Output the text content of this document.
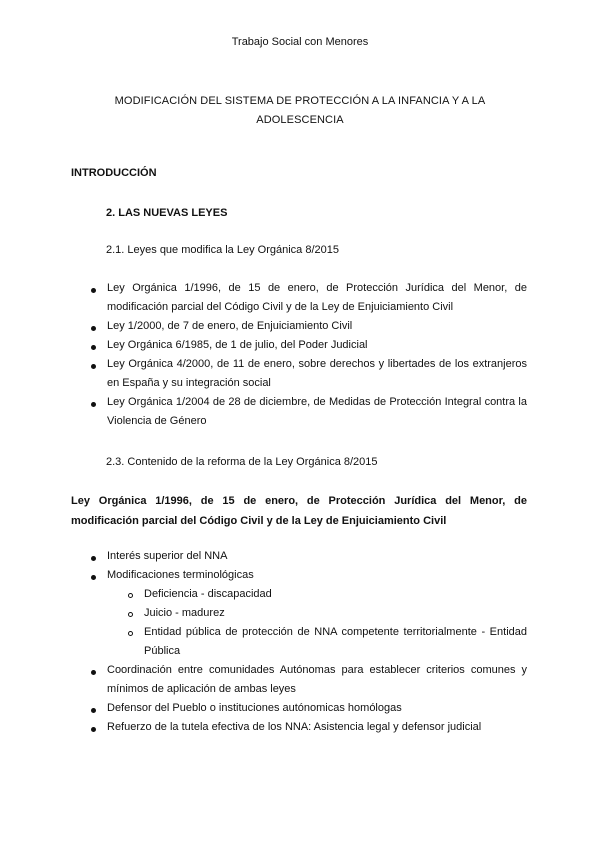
Trabajo Social con Menores
MODIFICACIÓN DEL SISTEMA DE PROTECCIÓN A LA INFANCIA Y A LA ADOLESCENCIA
INTRODUCCIÓN
2. LAS NUEVAS LEYES
2.1. Leyes que modifica la Ley Orgánica 8/2015
Ley Orgánica 1/1996, de 15 de enero, de Protección Jurídica del Menor, de modificación parcial del Código Civil y de la Ley de Enjuiciamiento Civil
Ley 1/2000, de 7 de enero, de Enjuiciamiento Civil
Ley Orgánica 6/1985, de 1 de julio, del Poder Judicial
Ley Orgánica 4/2000, de 11 de enero, sobre derechos y libertades de los extranjeros en España y su integración social
Ley Orgánica 1/2004 de 28 de diciembre, de Medidas de Protección Integral contra la Violencia de Género
2.3. Contenido de la reforma de la Ley Orgánica 8/2015
Ley Orgánica 1/1996, de 15 de enero, de Protección Jurídica del Menor, de modificación parcial del Código Civil y de la Ley de Enjuiciamiento Civil
Interés superior del NNA
Modificaciones terminológicas
Deficiencia - discapacidad
Juicio - madurez
Entidad pública de protección de NNA competente territorialmente - Entidad Pública
Coordinación entre comunidades Autónomas para establecer criterios comunes y mínimos de aplicación de ambas leyes
Defensor del Pueblo o instituciones autónomicas homólogas
Refuerzo de la tutela efectiva de los NNA: Asistencia legal y defensor judicial
